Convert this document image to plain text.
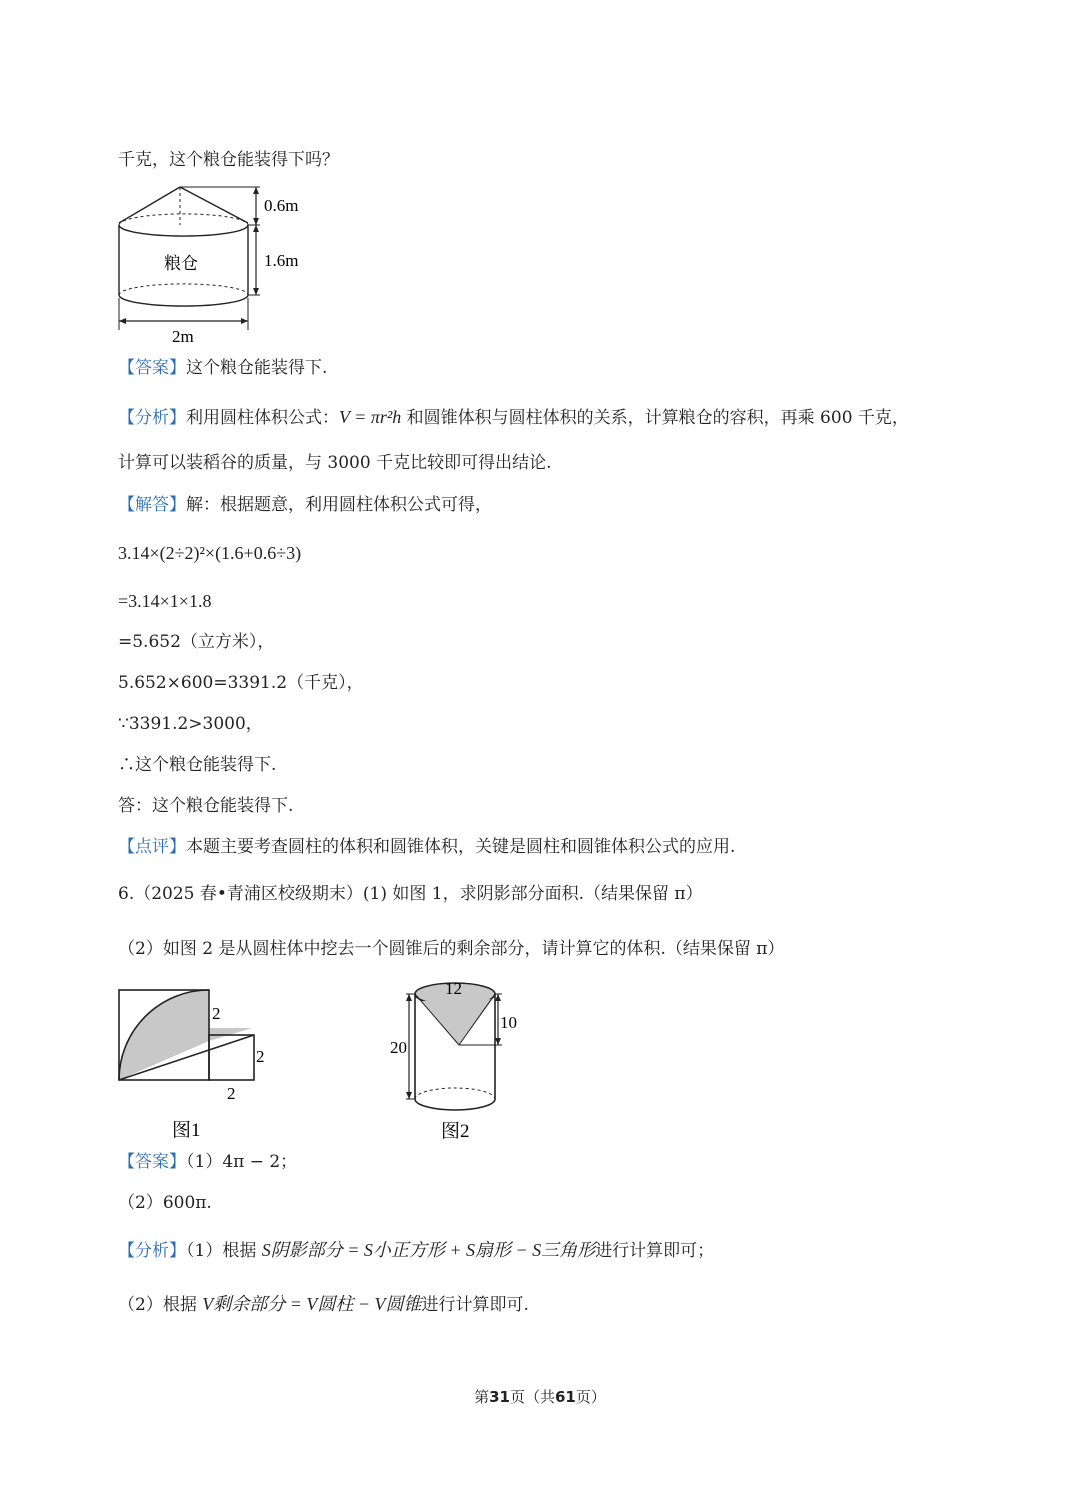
千克，这个粮仓能装得下吗？
粮仓
0.6m
1.6m
2m
【答案】这个粮仓能装得下.
【分析】利用圆柱体积公式：V = πr²h 和圆锥体积与圆柱体积的关系，计算粮仓的容积，再乘 600 千克，
计算可以装稻谷的质量，与 3000 千克比较即可得出结论.
【解答】解：根据题意，利用圆柱体积公式可得，
3.14×(2÷2)²×(1.6+0.6÷3)
=3.14×1×1.8
=5.652（立方米），
5.652×600=3391.2（千克），
∵3391.2>3000，
∴这个粮仓能装得下.
答：这个粮仓能装得下.
【点评】本题主要考查圆柱的体积和圆锥体积，关键是圆柱和圆锥体积公式的应用.
6.（2025 春•青浦区校级期末）(1) 如图 1，求阴影部分面积.（结果保留 π）
（2）如图 2 是从圆柱体中挖去一个圆锥后的剩余部分，请计算它的体积.（结果保留 π）
2
2
2
图1
12
10
20
图2
【答案】（1）4π − 2；
（2）600π.
【分析】（1）根据 S阴影部分 = S小正方形 + S扇形 − S三角形进行计算即可；
（2）根据 V剩余部分 = V圆柱 − V圆锥进行计算即可.
第31页（共61页）
